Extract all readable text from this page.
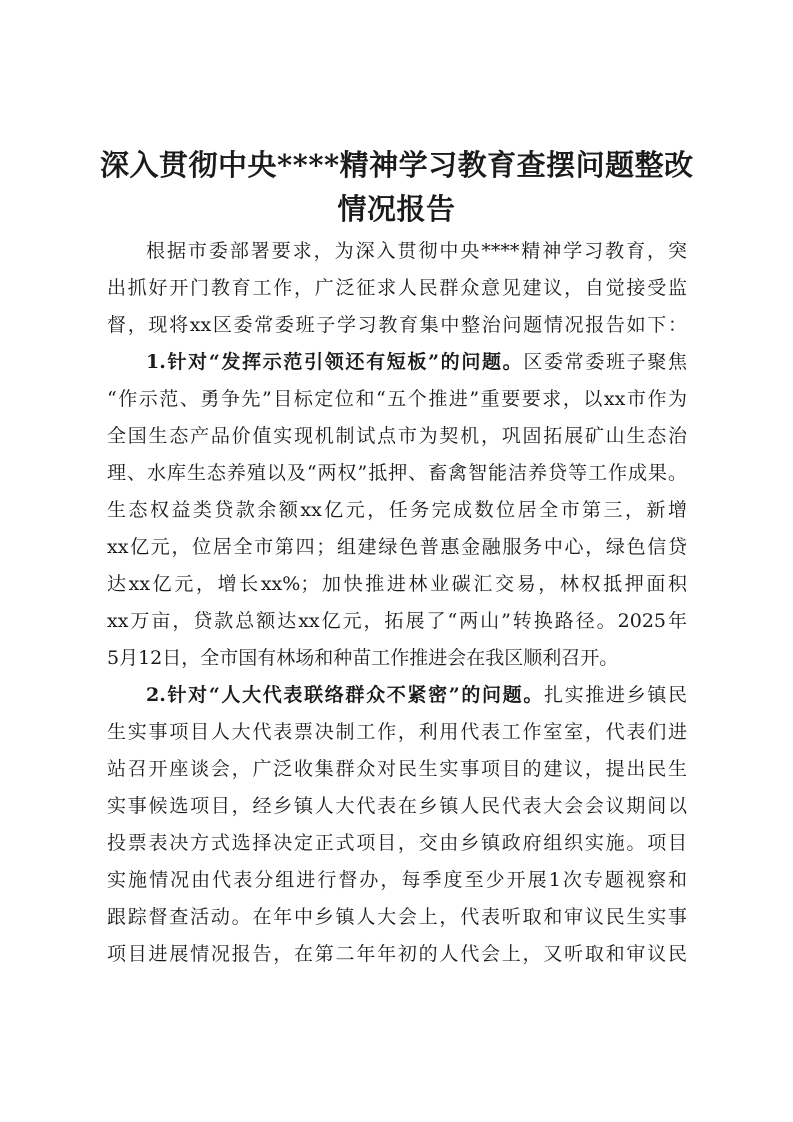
深入贯彻中央****精神学习教育查摆问题整改
情况报告
根据市委部署要求，为深入贯彻中央****精神学习教育，突
出抓好开门教育工作，广泛征求人民群众意见建议，自觉接受监
督，现将xx区委常委班子学习教育集中整治问题情况报告如下：
1.针对“发挥示范引领还有短板”的问题。区委常委班子聚焦
“作示范、勇争先”目标定位和“五个推进”重要要求，以xx市作为
全国生态产品价值实现机制试点市为契机，巩固拓展矿山生态治
理、水库生态养殖以及“两权”抵押、畜禽智能洁养贷等工作成果。
生态权益类贷款余额xx亿元，任务完成数位居全市第三，新增
xx亿元，位居全市第四；组建绿色普惠金融服务中心，绿色信贷
达xx亿元，增长xx%；加快推进林业碳汇交易，林权抵押面积
xx万亩，贷款总额达xx亿元，拓展了“两山”转换路径。2025年
5月12日，全市国有林场和种苗工作推进会在我区顺利召开。
2.针对“人大代表联络群众不紧密”的问题。扎实推进乡镇民
生实事项目人大代表票决制工作，利用代表工作室室，代表们进
站召开座谈会，广泛收集群众对民生实事项目的建议，提出民生
实事候选项目，经乡镇人大代表在乡镇人民代表大会会议期间以
投票表决方式选择决定正式项目，交由乡镇政府组织实施。项目
实施情况由代表分组进行督办，每季度至少开展1次专题视察和
跟踪督查活动。在年中乡镇人大会上，代表听取和审议民生实事
项目进展情况报告，在第二年年初的人代会上，又听取和审议民
